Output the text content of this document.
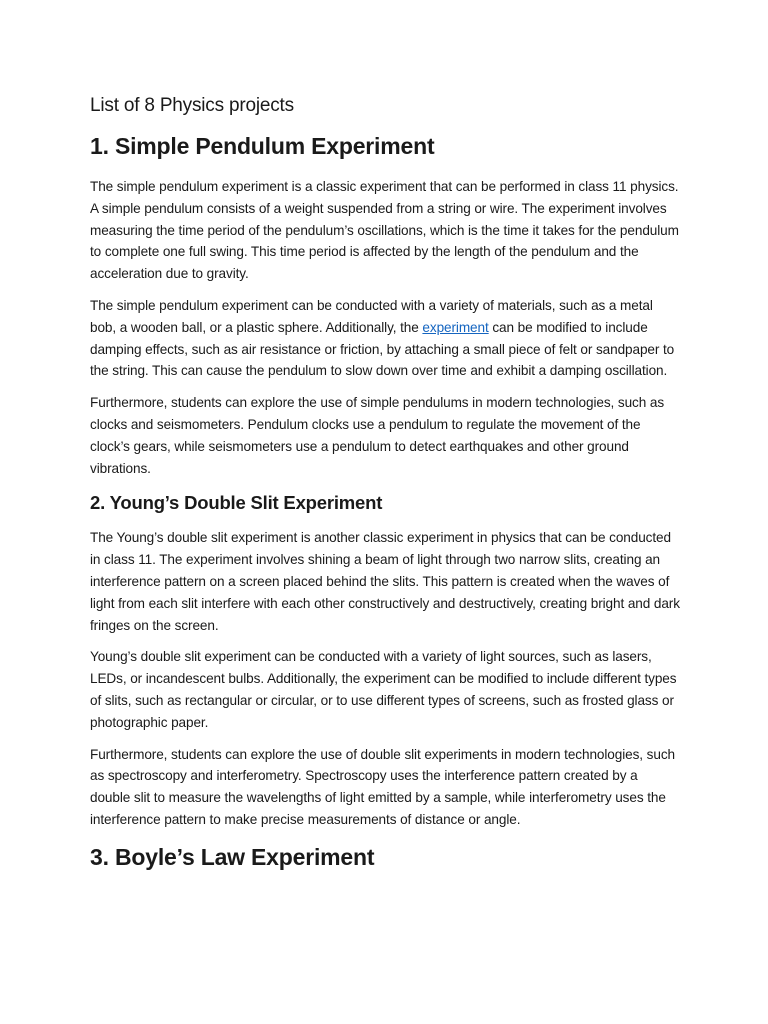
List of 8 Physics projects
1. Simple Pendulum Experiment

The simple pendulum experiment is a classic experiment that can be performed in class 11 physics. A simple pendulum consists of a weight suspended from a string or wire. The experiment involves measuring the time period of the pendulum’s oscillations, which is the time it takes for the pendulum to complete one full swing. This time period is affected by the length of the pendulum and the acceleration due to gravity.

The simple pendulum experiment can be conducted with a variety of materials, such as a metal bob, a wooden ball, or a plastic sphere. Additionally, the experiment can be modified to include damping effects, such as air resistance or friction, by attaching a small piece of felt or sandpaper to the string. This can cause the pendulum to slow down over time and exhibit a damping oscillation.

Furthermore, students can explore the use of simple pendulums in modern technologies, such as clocks and seismometers. Pendulum clocks use a pendulum to regulate the movement of the clock’s gears, while seismometers use a pendulum to detect earthquakes and other ground vibrations.

2. Young’s Double Slit Experiment

The Young’s double slit experiment is another classic experiment in physics that can be conducted in class 11. The experiment involves shining a beam of light through two narrow slits, creating an interference pattern on a screen placed behind the slits. This pattern is created when the waves of light from each slit interfere with each other constructively and destructively, creating bright and dark fringes on the screen.

Young’s double slit experiment can be conducted with a variety of light sources, such as lasers, LEDs, or incandescent bulbs. Additionally, the experiment can be modified to include different types of slits, such as rectangular or circular, or to use different types of screens, such as frosted glass or photographic paper.

Furthermore, students can explore the use of double slit experiments in modern technologies, such as spectroscopy and interferometry. Spectroscopy uses the interference pattern created by a double slit to measure the wavelengths of light emitted by a sample, while interferometry uses the interference pattern to make precise measurements of distance or angle.

3. Boyle’s Law Experiment
